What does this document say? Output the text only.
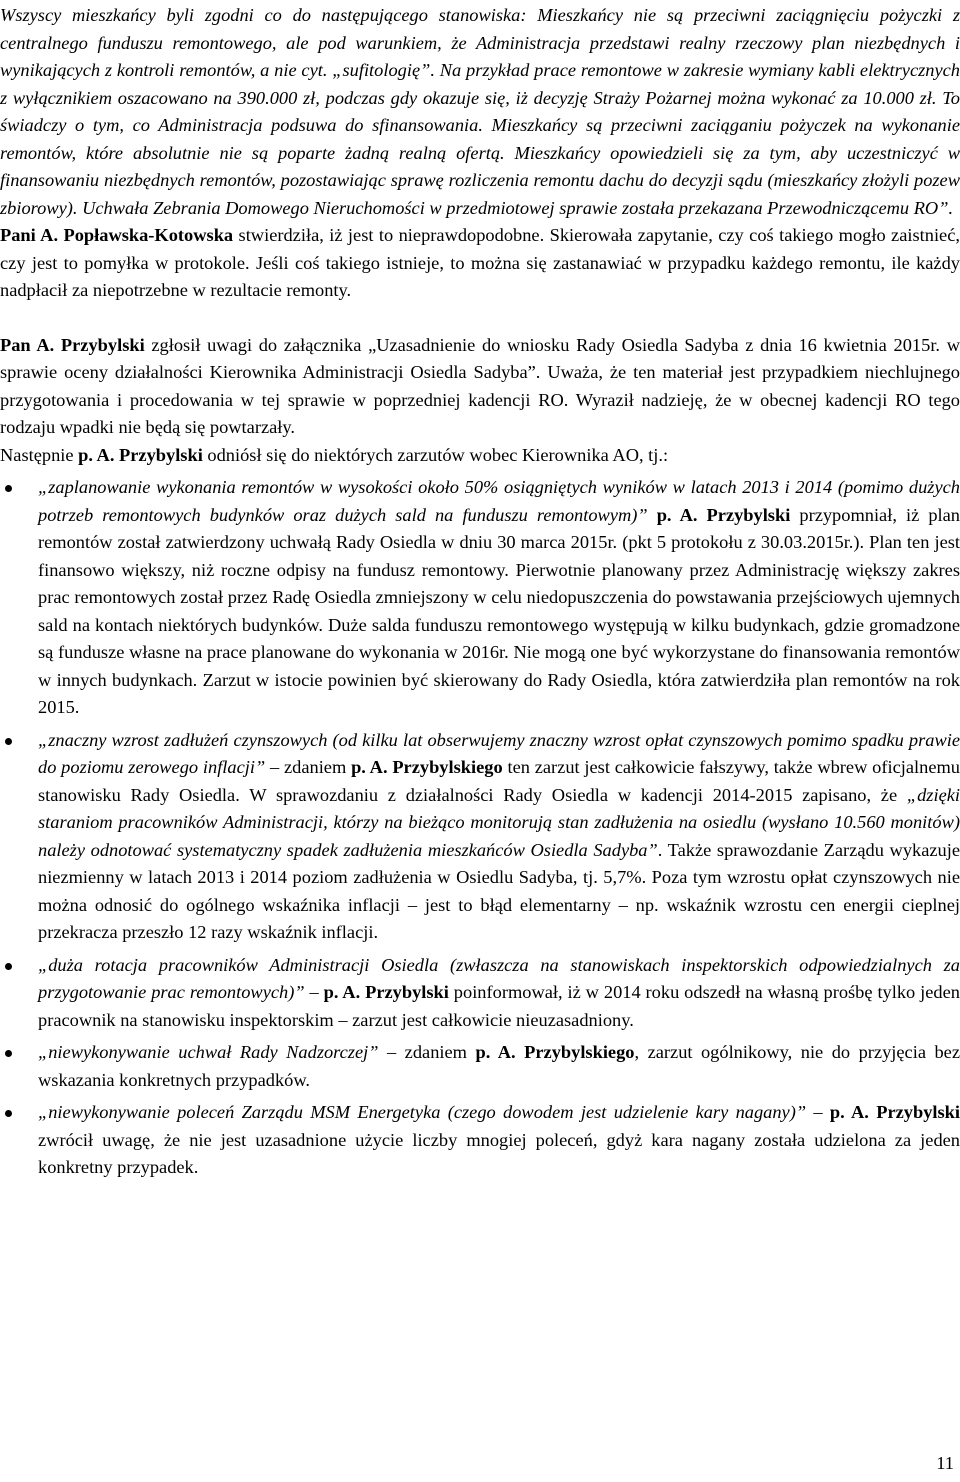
Wszyscy mieszkańcy byli zgodni co do następującego stanowiska: Mieszkańcy nie są przeciwni zaciągnięciu pożyczki z centralnego funduszu remontowego, ale pod warunkiem, że Administracja przedstawi realny rzeczowy plan niezbędnych i wynikających z kontroli remontów, a nie cyt. „sufitologię”. Na przykład prace remontowe w zakresie wymiany kabli elektrycznych z wyłącznikiem oszacowano na 390.000 zł, podczas gdy okazuje się, iż decyzję Straży Pożarnej można wykonać za 10.000 zł. To świadczy o tym, co Administracja podsuwa do sfinansowania. Mieszkańcy są przeciwni zaciąganiu pożyczek na wykonanie remontów, które absolutnie nie są poparte żadną realną ofertą. Mieszkańcy opowiedzieli się za tym, aby uczestniczyć w finansowaniu niezbędnych remontów, pozostawiając sprawę rozliczenia remontu dachu do decyzji sądu (mieszkańcy złożyli pozew zbiorowy). Uchwała Zebrania Domowego Nieruchomości w przedmiotowej sprawie została przekazana Przewodniczącemu RO”.

Pani A. Popławska-Kotowska stwierdziła, iż jest to nieprawdopodobne. Skierowała zapytanie, czy coś takiego mogło zaistnieć, czy jest to pomyłka w protokole. Jeśli coś takiego istnieje, to można się zastanawiać w przypadku każdego remontu, ile każdy nadpłacił za niepotrzebne w rezultacie remonty.

Pan A. Przybylski zgłosił uwagi do załącznika „Uzasadnienie do wniosku Rady Osiedla Sadyba z dnia 16 kwietnia 2015r. w sprawie oceny działalności Kierownika Administracji Osiedla Sadyba”. Uważa, że ten materiał jest przypadkiem niechlujnego przygotowania i procedowania w tej sprawie w poprzedniej kadencji RO. Wyraził nadzieję, że w obecnej kadencji RO tego rodzaju wpadki nie będą się powtarzały.

Następnie p. A. Przybylski odniósł się do niektórych zarzutów wobec Kierownika AO, tj.:

„zaplanowanie wykonania remontów w wysokości około 50% osiągniętych wyników w latach 2013 i 2014 (pomimo dużych potrzeb remontowych budynków oraz dużych sald na funduszu remontowym)” p. A. Przybylski przypomniał, iż plan remontów został zatwierdzony uchwałą Rady Osiedla w dniu 30 marca 2015r. (pkt 5 protokołu z 30.03.2015r.). Plan ten jest finansowo większy, niż roczne odpisy na fundusz remontowy. Pierwotnie planowany przez Administrację większy zakres prac remontowych został przez Radę Osiedla zmniejszony w celu niedopuszczenia do powstawania przejściowych ujemnych sald na kontach niektórych budynków. Duże salda funduszu remontowego występują w kilku budynkach, gdzie gromadzone są fundusze własne na prace planowane do wykonania w 2016r. Nie mogą one być wykorzystane do finansowania remontów w innych budynkach. Zarzut w istocie powinien być skierowany do Rady Osiedla, która zatwierdziła plan remontów na rok 2015.

„znaczny wzrost zadłużeń czynszowych (od kilku lat obserwujemy znaczny wzrost opłat czynszowych pomimo spadku prawie do poziomu zerowego inflacji” – zdaniem p. A. Przybylskiego ten zarzut jest całkowicie fałszywy, także wbrew oficjalnemu stanowisku Rady Osiedla. W sprawozdaniu z działalności Rady Osiedla w kadencji 2014-2015 zapisano, że „dzięki staraniom pracowników Administracji, którzy na bieżąco monitorują stan zadłużenia na osiedlu (wysłano 10.560 monitów) należy odnotować systematyczny spadek zadłużenia mieszkańców Osiedla Sadyba”. Także sprawozdanie Zarządu wykazuje niezmienny w latach 2013 i 2014 poziom zadłużenia w Osiedlu Sadyba, tj. 5,7%. Poza tym wzrostu opłat czynszowych nie można odnosić do ogólnego wskaźnika inflacji – jest to błąd elementarny – np. wskaźnik wzrostu cen energii cieplnej przekracza przeszło 12 razy wskaźnik inflacji.

„duża rotacja pracowników Administracji Osiedla (zwłaszcza na stanowiskach inspektorskich odpowiedzialnych za przygotowanie prac remontowych)” – p. A. Przybylski poinformował, iż w 2014 roku odszedł na własną prośbę tylko jeden pracownik na stanowisku inspektorskim – zarzut jest całkowicie nieuzasadniony.

„niewykonywanie uchwał Rady Nadzorczej” – zdaniem p. A. Przybylskiego, zarzut ogólnikowy, nie do przyjęcia bez wskazania konkretnych przypadków.

„niewykonywanie poleceń Zarządu MSM Energetyka (czego dowodem jest udzielenie kary nagany)” – p. A. Przybylski zwrócił uwagę, że nie jest uzasadnione użycie liczby mnogiej poleceń, gdyż kara nagany została udzielona za jeden konkretny przypadek.

11
